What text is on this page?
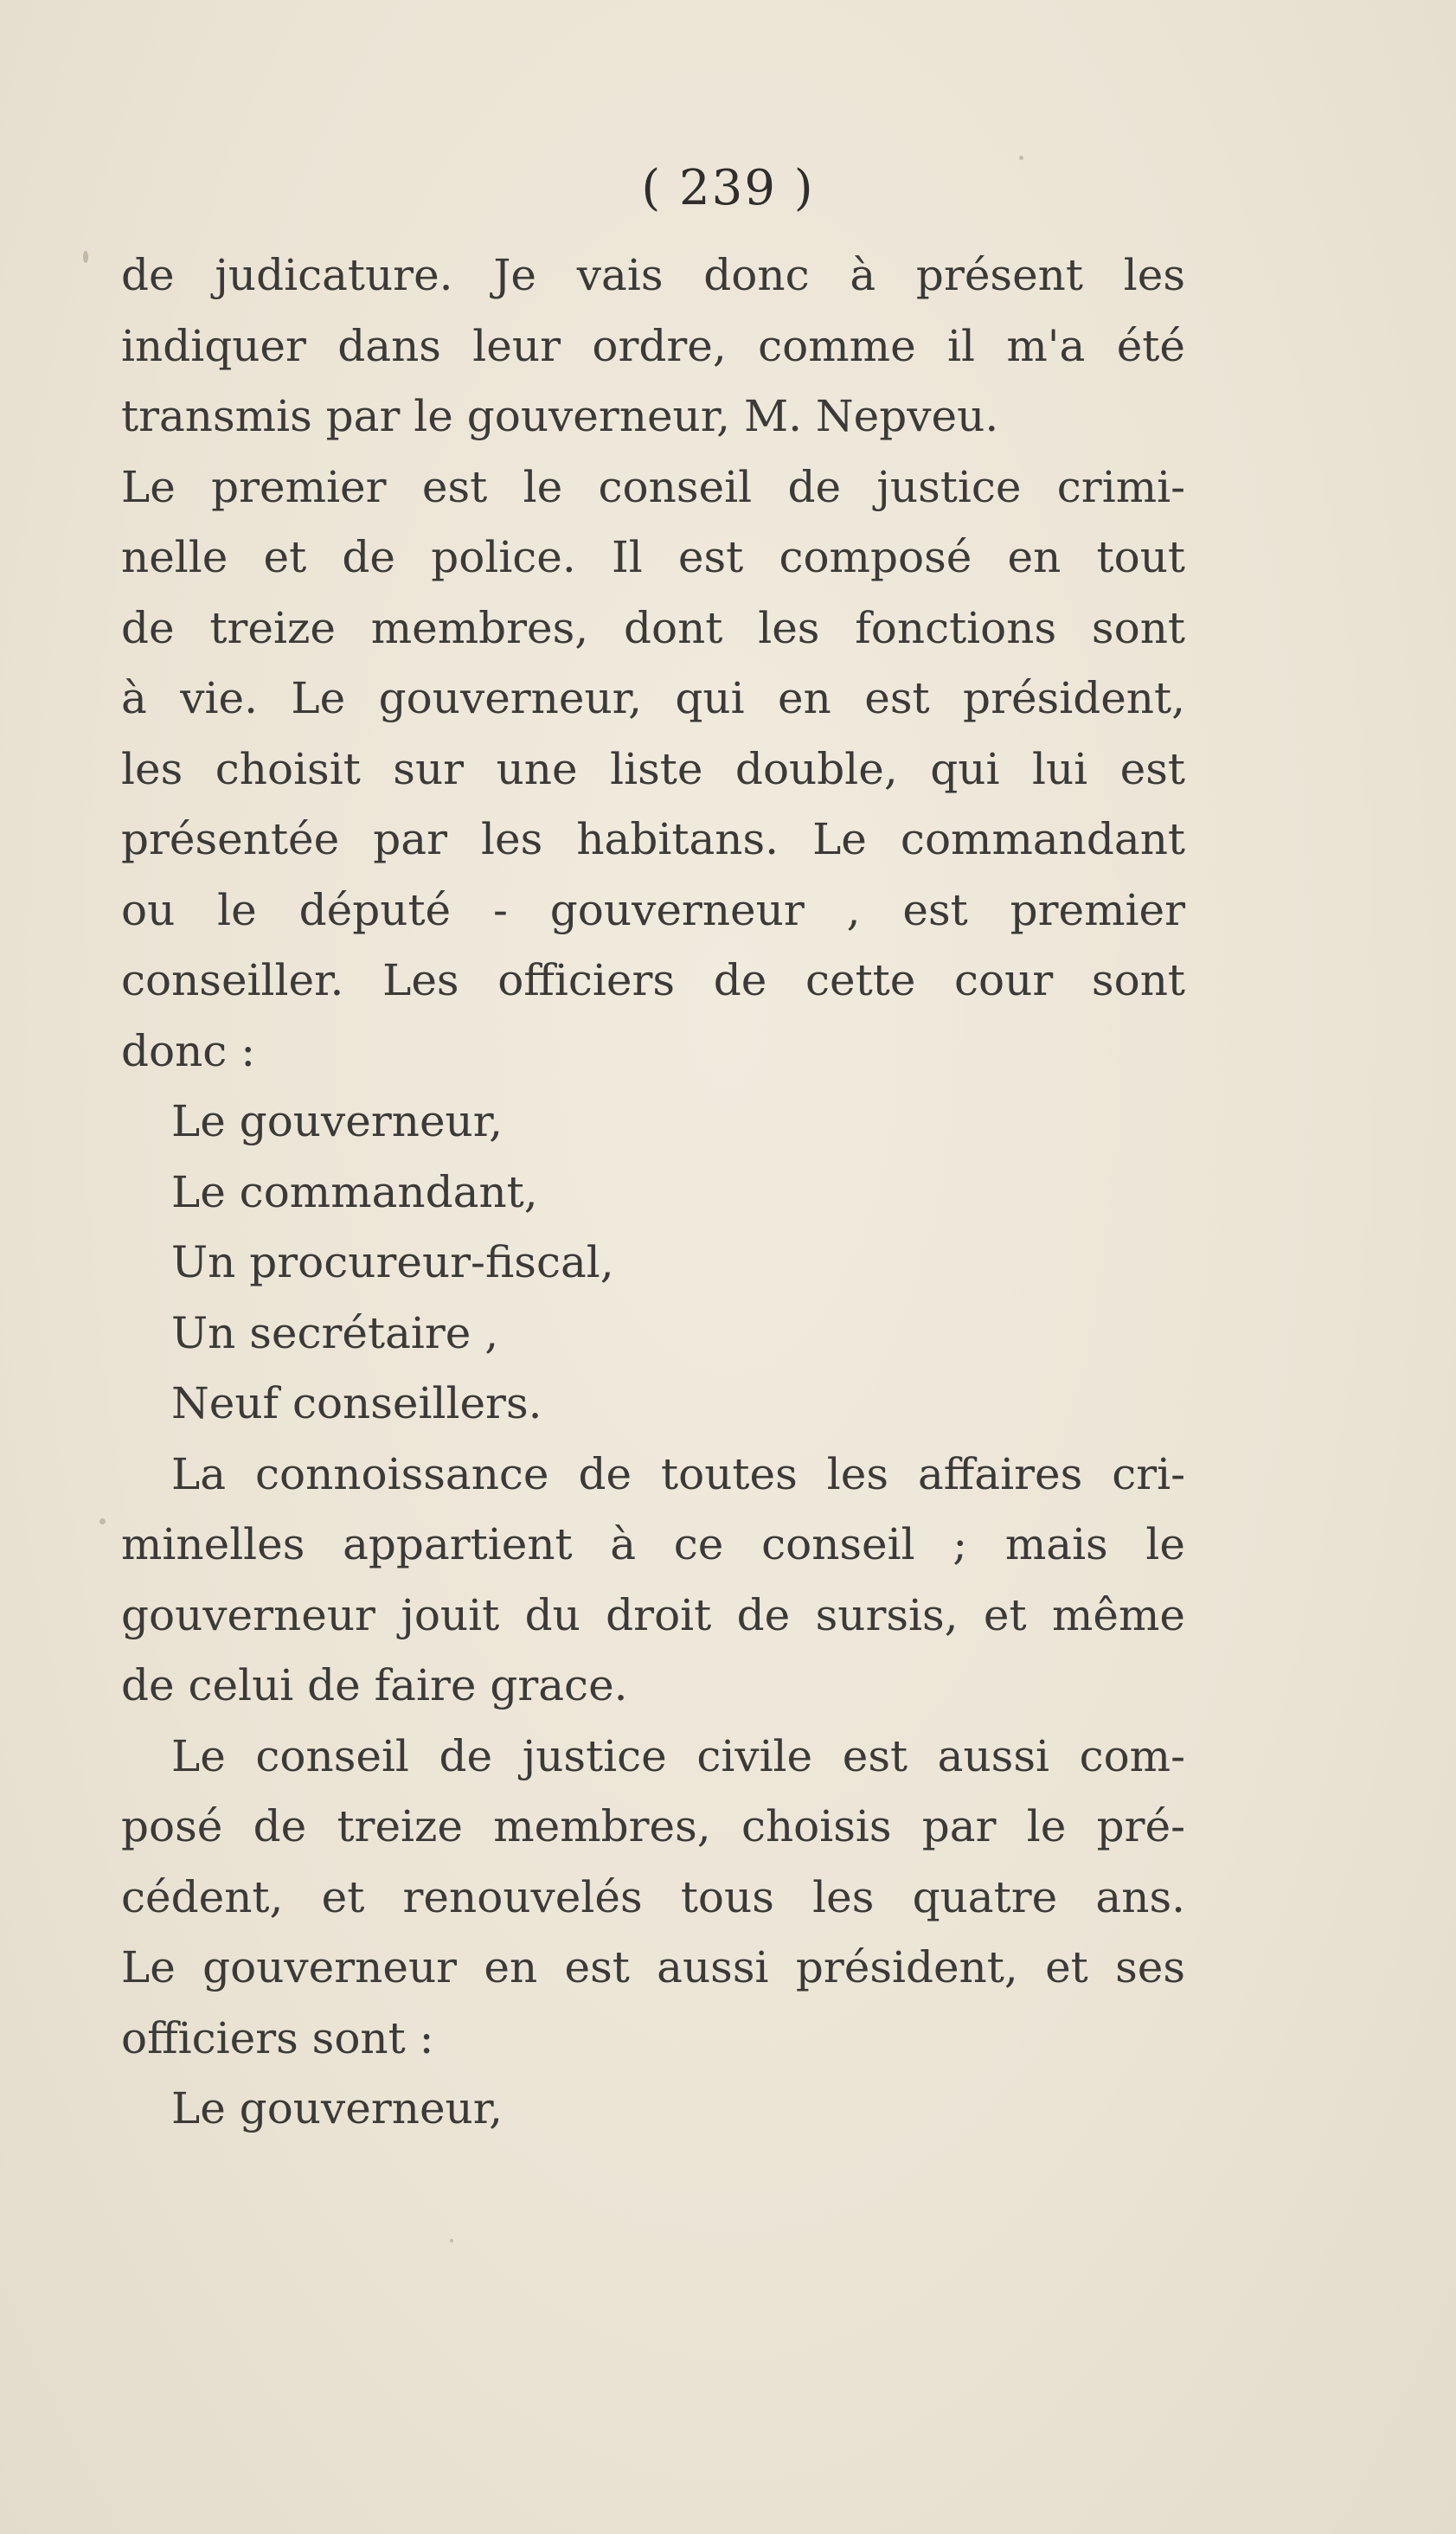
( 239 )
de judicature. Je vais donc à présent les
indiquer dans leur ordre, comme il m'a été
transmis par le gouverneur, M. Nepveu.
Le premier est le conseil de justice crimi-
nelle et de police. Il est composé en tout
de treize membres, dont les fonctions sont
à vie. Le gouverneur, qui en est président,
les choisit sur une liste double, qui lui est
présentée par les habitans. Le commandant
ou le député - gouverneur , est premier
conseiller. Les officiers de cette cour sont
donc :
Le gouverneur,
Le commandant,
Un procureur-fiscal,
Un secrétaire ,
Neuf conseillers.
La connoissance de toutes les affaires cri-
minelles appartient à ce conseil ; mais le
gouverneur jouit du droit de sursis, et même
de celui de faire grace.
Le conseil de justice civile est aussi com-
posé de treize membres, choisis par le pré-
cédent, et renouvelés tous les quatre ans.
Le gouverneur en est aussi président, et ses
officiers sont :
Le gouverneur,
